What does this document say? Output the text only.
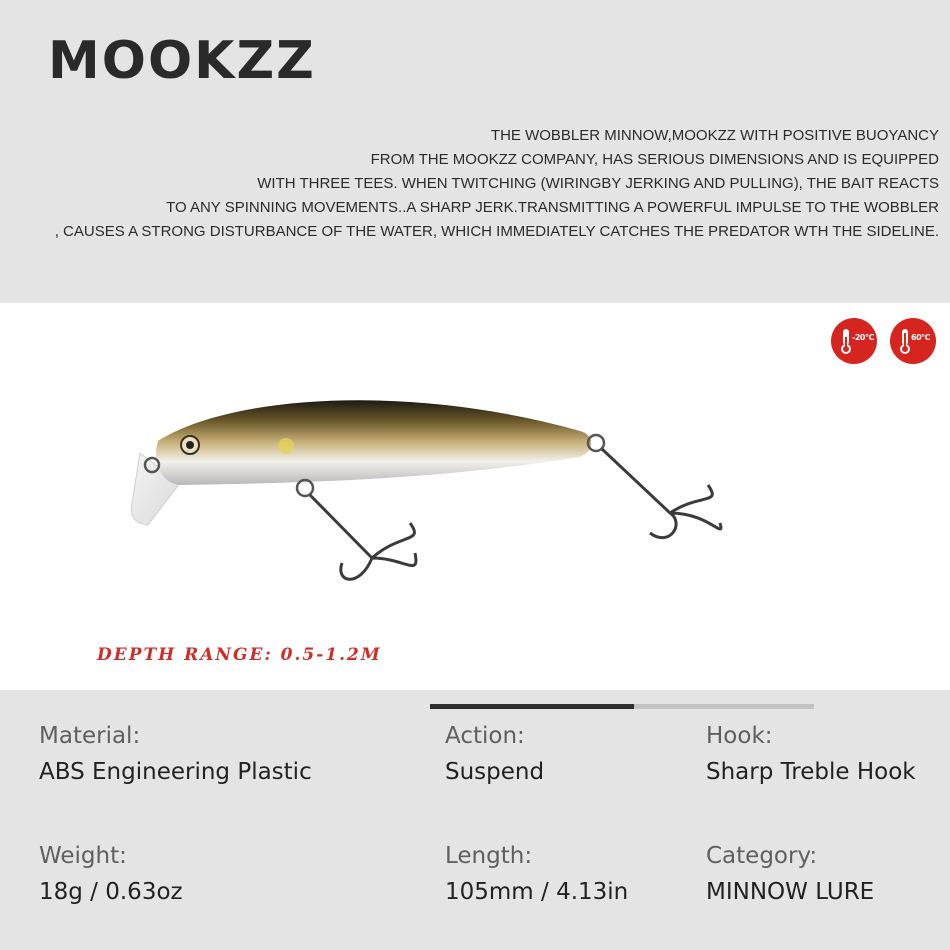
MOOKZZ
THE WOBBLER MINNOW,MOOKZZ WITH POSITIVE BUOYANCY
FROM THE MOOKZZ COMPANY, HAS SERIOUS DIMENSIONS AND IS EQUIPPED
WITH THREE TEES. WHEN TWITCHING (WIRINGBY JERKING AND PULLING), THE BAIT REACTS
TO ANY SPINNING MOVEMENTS..A SHARP JERK.TRANSMITTING A POWERFUL IMPULSE TO THE WOBBLER
, CAUSES A STRONG DISTURBANCE OF THE WATER, WHICH IMMEDIATELY CATCHES THE PREDATOR WTH THE SIDELINE.
-20°C	60°C
DEPTH RANGE: 0.5-1.2M
Material:
ABS Engineering Plastic
Action:
Suspend
Hook:
Sharp Treble Hook
Weight:
18g / 0.63oz
Length:
105mm / 4.13in
Category:
MINNOW LURE
